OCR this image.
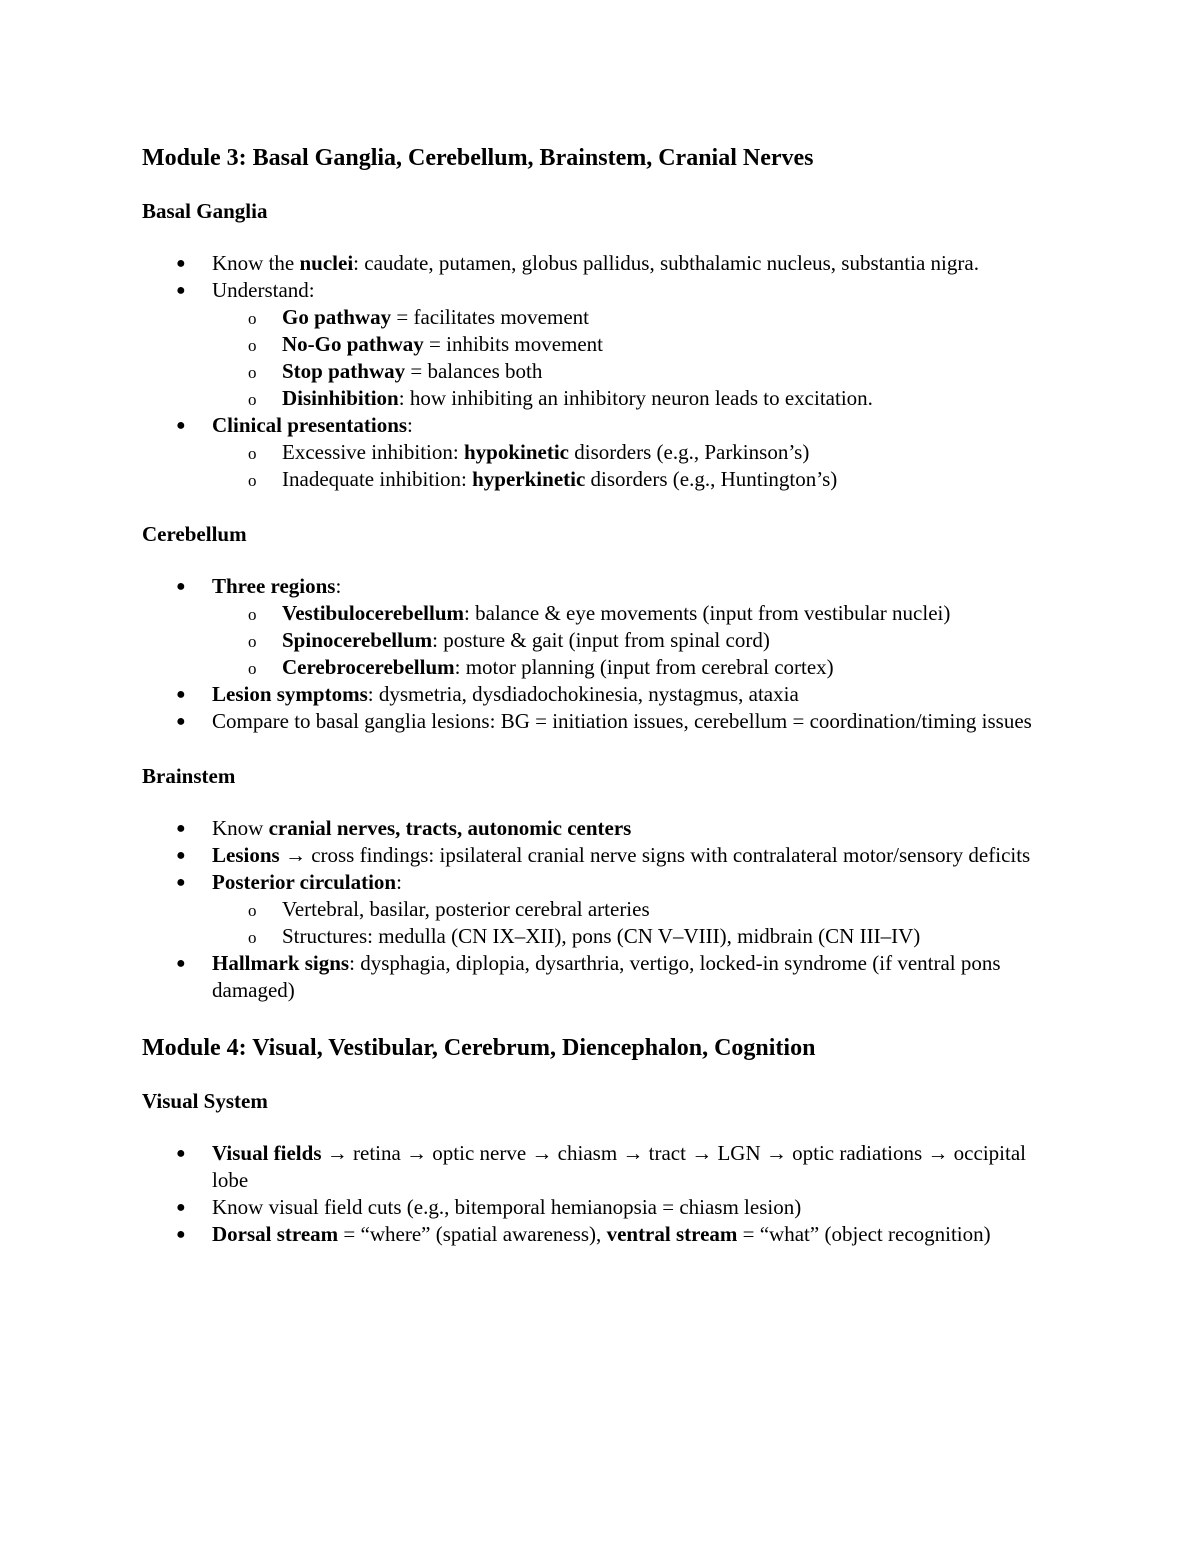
Module 3: Basal Ganglia, Cerebellum, Brainstem, Cranial Nerves
Basal Ganglia
● Know the nuclei: caudate, putamen, globus pallidus, subthalamic nucleus, substantia nigra.
● Understand:
o Go pathway = facilitates movement
o No-Go pathway = inhibits movement
o Stop pathway = balances both
o Disinhibition: how inhibiting an inhibitory neuron leads to excitation.
● Clinical presentations:
o Excessive inhibition: hypokinetic disorders (e.g., Parkinson’s)
o Inadequate inhibition: hyperkinetic disorders (e.g., Huntington’s)
Cerebellum
● Three regions:
o Vestibulocerebellum: balance & eye movements (input from vestibular nuclei)
o Spinocerebellum: posture & gait (input from spinal cord)
o Cerebrocerebellum: motor planning (input from cerebral cortex)
● Lesion symptoms: dysmetria, dysdiadochokinesia, nystagmus, ataxia
● Compare to basal ganglia lesions: BG = initiation issues, cerebellum = coordination/timing issues
Brainstem
● Know cranial nerves, tracts, autonomic centers
● Lesions → cross findings: ipsilateral cranial nerve signs with contralateral motor/sensory deficits
● Posterior circulation:
o Vertebral, basilar, posterior cerebral arteries
o Structures: medulla (CN IX–XII), pons (CN V–VIII), midbrain (CN III–IV)
● Hallmark signs: dysphagia, diplopia, dysarthria, vertigo, locked-in syndrome (if ventral pons damaged)
Module 4: Visual, Vestibular, Cerebrum, Diencephalon, Cognition
Visual System
● Visual fields → retina → optic nerve → chiasm → tract → LGN → optic radiations → occipital lobe
● Know visual field cuts (e.g., bitemporal hemianopsia = chiasm lesion)
● Dorsal stream = “where” (spatial awareness), ventral stream = “what” (object recognition)
